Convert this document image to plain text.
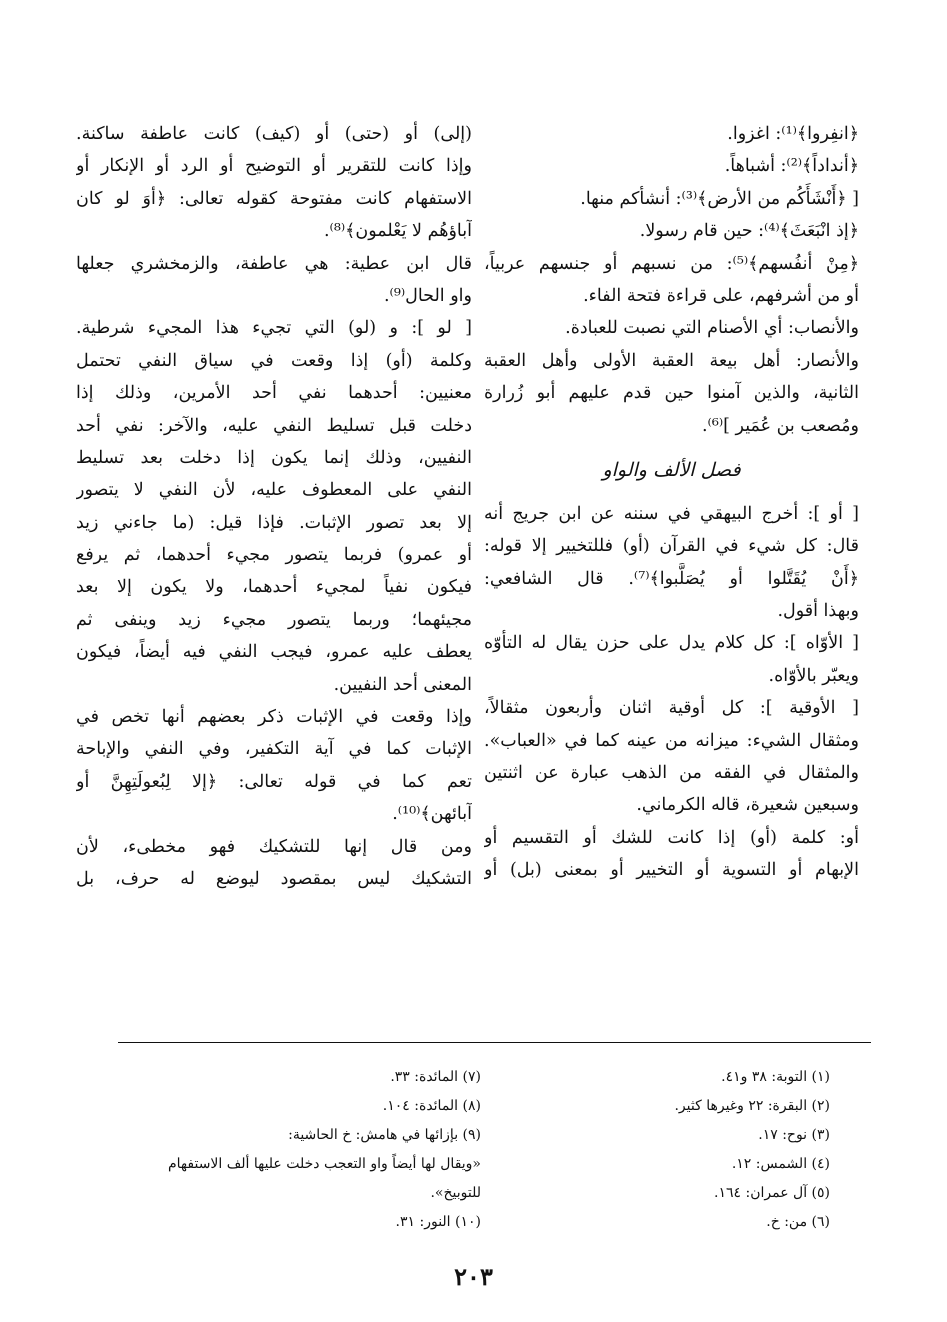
﴿انفِروا﴾⁽¹⁾: اغزوا.
﴿أنداداً﴾⁽²⁾: أشباهاً.
[ ﴿أَنْشَأَكُم من الأرض﴾⁽³⁾: أنشأكم منها.
﴿إذ انْبَعَثَ﴾⁽⁴⁾: حين قام رسولا.
﴿مِنْ أنفُسهم﴾⁽⁵⁾: من نسبهم أو جنسهم عربياً،
أو من أشرفهم، على قراءة فتحة الفاء.
والأنصاب: أي الأصنام التي نصبت للعبادة.
والأنصار: أهل بيعة العقبة الأولى وأهل العقبة
الثانية، والذين آمنوا حين قدم عليهم أبو زُرارة
ومُصعب بن عُمَير ]⁽⁶⁾.
فصل الألف والواو
[ أو ]: أخرج البيهقي في سننه عن ابن جريج أنه
قال: كل شيء في القرآن (أو) فللتخيير إلا قوله:
﴿أَنْ يُقَتَّلوا أو يُصَلَّبوا﴾⁽⁷⁾. قال الشافعي:
وبهذا أقول.
[ الأوّاه ]: كل كلام يدل على حزن يقال له التأوّه
ويعبّر بالأوّاه.
[ الأوقية ]: كل أوقية اثنان وأربعون مثقالاً،
ومثقال الشيء: ميزانه من عينه كما في «العباب».
والمثقال في الفقه من الذهب عبارة عن اثنتين
وسبعين شعيرة، قاله الكرماني.
أو: كلمة (أو) إذا كانت للشك أو التقسيم أو
الإبهام أو التسوية أو التخيير أو بمعنى (بل) أو
(إلى) أو (حتى) أو (كيف) كانت عاطفة ساكنة.
وإذا كانت للتقرير أو التوضيح أو الرد أو الإنكار أو
الاستفهام كانت مفتوحة كقوله تعالى: ﴿أوَ لو كان
آباؤهُم لا يَعْلمون﴾⁽⁸⁾.
قال ابن عطية: هي عاطفة، والزمخشري جعلها
واو الحال⁽⁹⁾.
[ لو ]: و (لو) التي تجيء هذا المجيء شرطية.
وكلمة (أو) إذا وقعت في سياق النفي تحتمل
معنيين: أحدهما نفي أحد الأمرين، وذلك إذا
دخلت قبل تسليط النفي عليه، والآخر: نفي أحد
النفيين، وذلك إنما يكون إذا دخلت بعد تسليط
النفي على المعطوف عليه، لأن النفي لا يتصور
إلا بعد تصور الإثبات. فإذا قيل: (ما جاءني زيد
أو عمرو) فربما يتصور مجيء أحدهما، ثم يرفع
فيكون نفياً لمجيء أحدهما، ولا يكون إلا بعد
مجيئهما؛ وربما يتصور مجيء زيد وينفى ثم
يعطف عليه عمرو، فيجب النفي فيه أيضاً، فيكون
المعنى أحد النفيين.
وإذا وقعت في الإثبات ذكر بعضهم أنها تخص في
الإثبات كما في آية التكفير، وفي النفي والإباحة
تعم كما في قوله تعالى: ﴿إلا لِبُعولَتِهِنَّ أو
آبائهن﴾⁽¹⁰⁾.
ومن قال إنها للتشكيك فهو مخطىء، لأن
التشكيك ليس بمقصود ليوضع له حرف، بل
(١) التوبة: ٣٨ و٤١.
(٢) البقرة: ٢٢ وغيرها كثير.
(٣) نوح: ١٧.
(٤) الشمس: ١٢.
(٥) آل عمران: ١٦٤.
(٦) من: خ.
(٧) المائدة: ٣٣.
(٨) المائدة: ١٠٤.
(٩) بإزائها في هامش: خ الحاشية:
«ويقال لها أيضاً واو التعجب دخلت عليها ألف الاستفهام
للتوبيخ».
(١٠) النور: ٣١.
٢٠٣
